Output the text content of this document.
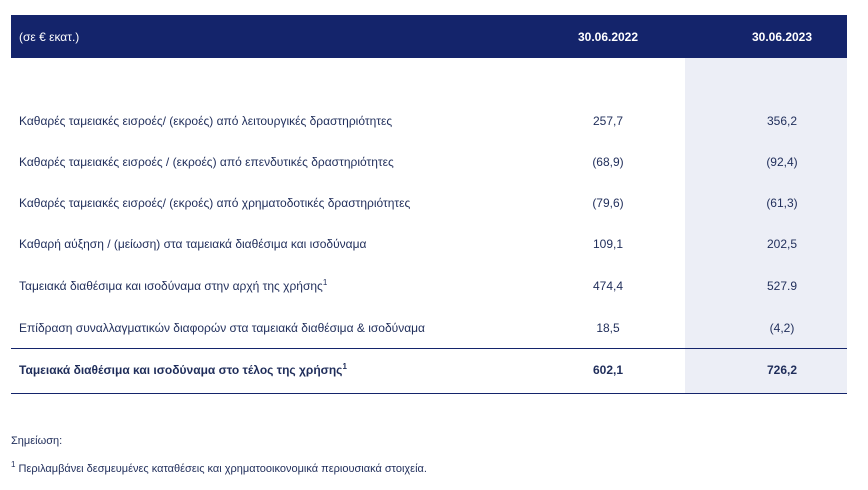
(σε € εκατ.)	30.06.2022	30.06.2023
Καθαρές ταμειακές εισροές/ (εκροές) από λειτουργικές δραστηριότητες	257,7	356,2
Καθαρές ταμειακές εισροές / (εκροές) από επενδυτικές δραστηριότητες	(68,9)	(92,4)
Καθαρές ταμειακές εισροές/ (εκροές) από χρηματοδοτικές δραστηριότητες	(79,6)	(61,3)
Καθαρή αύξηση / (μείωση) στα ταμειακά διαθέσιμα και ισοδύναμα	109,1	202,5
Ταμειακά διαθέσιμα και ισοδύναμα στην αρχή της χρήσης$^1$	474,4	527.9
Επίδραση συναλλαγματικών διαφορών στα ταμειακά διαθέσιμα & ισοδύναμα	18,5	(4,2)
Ταμειακά διαθέσιμα και ισοδύναμα στο τέλος της χρήσης$^1$	602,1	726,2
Σημείωση:
$^1$ Περιλαμβάνει δεσμευμένες καταθέσεις και χρηματοοικονομικά περιουσιακά στοιχεία.
